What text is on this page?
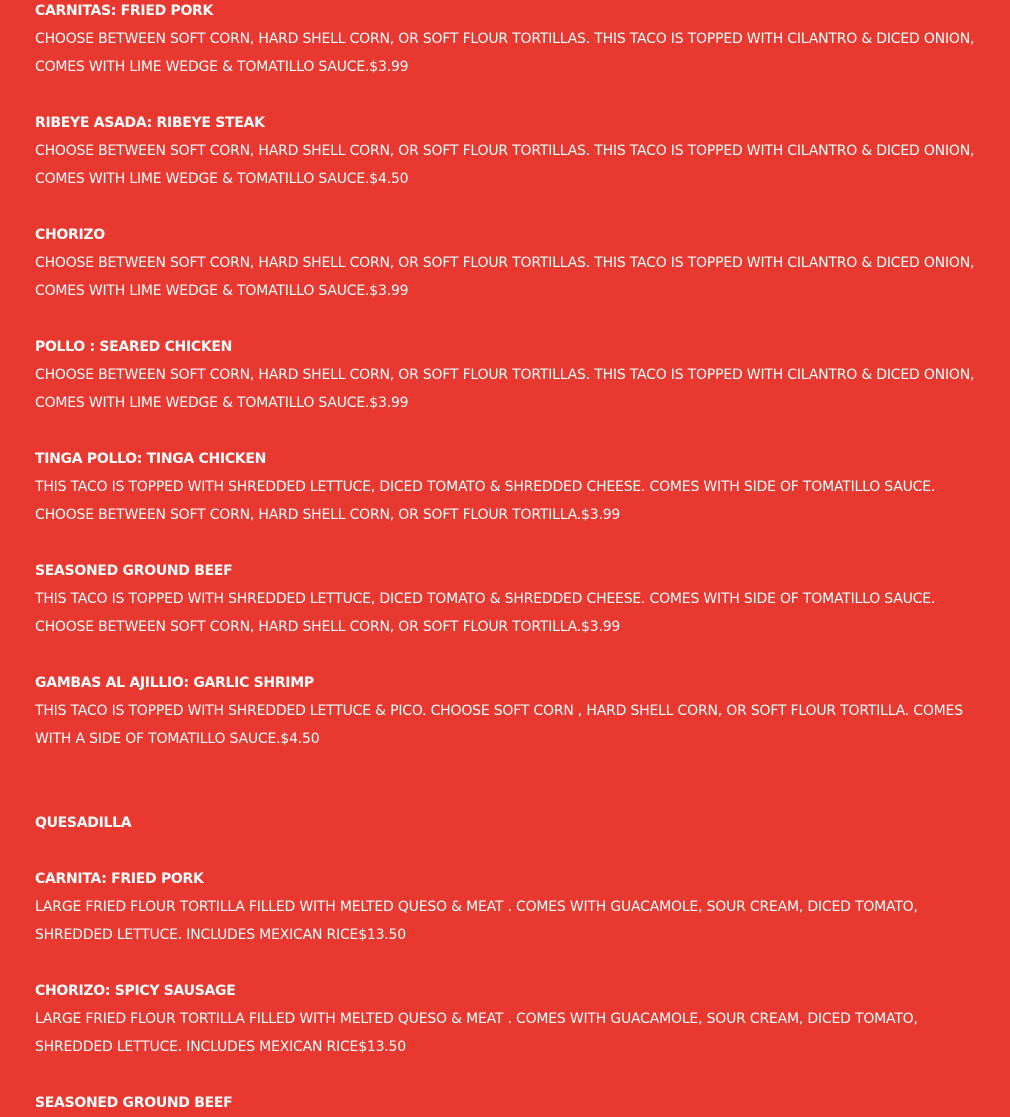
CARNITAS: FRIED PORK
CHOOSE BETWEEN SOFT CORN, HARD SHELL CORN, OR SOFT FLOUR TORTILLAS. THIS TACO IS TOPPED WITH CILANTRO & DICED ONION, COMES WITH LIME WEDGE & TOMATILLO SAUCE.$3.99
RIBEYE ASADA: RIBEYE STEAK
CHOOSE BETWEEN SOFT CORN, HARD SHELL CORN, OR SOFT FLOUR TORTILLAS. THIS TACO IS TOPPED WITH CILANTRO & DICED ONION, COMES WITH LIME WEDGE & TOMATILLO SAUCE.$4.50
CHORIZO
CHOOSE BETWEEN SOFT CORN, HARD SHELL CORN, OR SOFT FLOUR TORTILLAS. THIS TACO IS TOPPED WITH CILANTRO & DICED ONION, COMES WITH LIME WEDGE & TOMATILLO SAUCE.$3.99
POLLO : SEARED CHICKEN
CHOOSE BETWEEN SOFT CORN, HARD SHELL CORN, OR SOFT FLOUR TORTILLAS. THIS TACO IS TOPPED WITH CILANTRO & DICED ONION, COMES WITH LIME WEDGE & TOMATILLO SAUCE.$3.99
TINGA POLLO: TINGA CHICKEN
THIS TACO IS TOPPED WITH SHREDDED LETTUCE, DICED TOMATO & SHREDDED CHEESE. COMES WITH SIDE OF TOMATILLO SAUCE. CHOOSE BETWEEN SOFT CORN, HARD SHELL CORN, OR SOFT FLOUR TORTILLA.$3.99
SEASONED GROUND BEEF
THIS TACO IS TOPPED WITH SHREDDED LETTUCE, DICED TOMATO & SHREDDED CHEESE. COMES WITH SIDE OF TOMATILLO SAUCE. CHOOSE BETWEEN SOFT CORN, HARD SHELL CORN, OR SOFT FLOUR TORTILLA.$3.99
GAMBAS AL AJILLIO: GARLIC SHRIMP
THIS TACO IS TOPPED WITH SHREDDED LETTUCE & PICO. CHOOSE SOFT CORN , HARD SHELL CORN, OR SOFT FLOUR TORTILLA. COMES WITH A SIDE OF TOMATILLO SAUCE.$4.50
QUESADILLA
CARNITA: FRIED PORK
LARGE FRIED FLOUR TORTILLA FILLED WITH MELTED QUESO & MEAT . COMES WITH GUACAMOLE, SOUR CREAM, DICED TOMATO, SHREDDED LETTUCE. INCLUDES MEXICAN RICE$13.50
CHORIZO: SPICY SAUSAGE
LARGE FRIED FLOUR TORTILLA FILLED WITH MELTED QUESO & MEAT . COMES WITH GUACAMOLE, SOUR CREAM, DICED TOMATO, SHREDDED LETTUCE. INCLUDES MEXICAN RICE$13.50
SEASONED GROUND BEEF
